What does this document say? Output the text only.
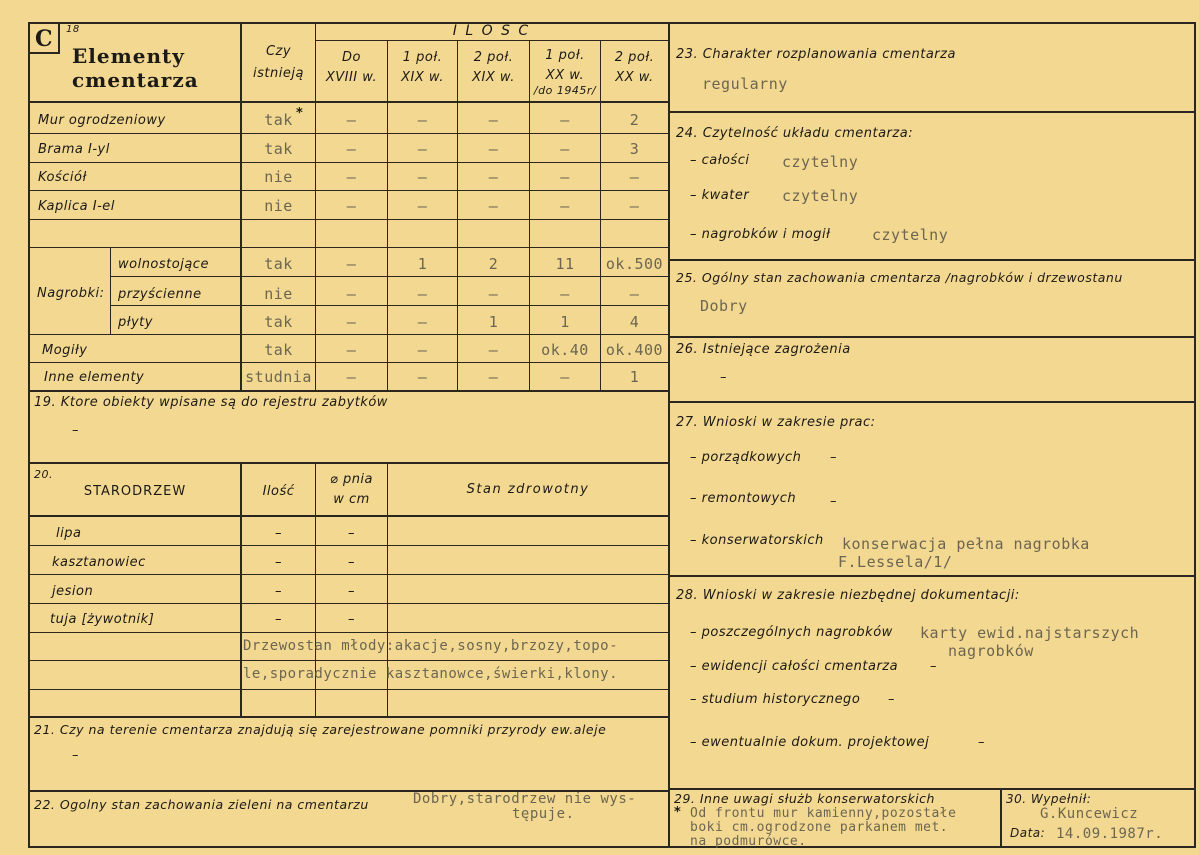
C 18
Elementy
cmentarza
Czy
istnieją
I L O S C
Do
XVIII w.
1 poł.
XIX w.
2 poł.
XIX w.
1 poł.
XX w.
/do 1945r/
2 poł.
XX w.
Mur ogrodzeniowy	tak	–	–	–	–	2
Brama I-yl	tak	–	–	–	–	3
Kościół	nie	–	–	–	–	–
Kaplica I-el	nie	–	–	–	–	–
*
Nagrobki:
wolnostojące	tak	–	1	2	11	ok.500
przyścienne	nie	–	–	–	–	–
płyty	tak	–	–	1	1	4
Mogiły	tak	–	–	–	ok.40	ok.400
Inne elementy	studnia	–	–	–	–	1
19. Ktore obiekty wpisane są do rejestru zabytków
–
20.
STARODRZEW	Ilość
⌀ pnia
w cm
Stan zdrowotny
lipa	–	–
kasztanowiec	–	–
jesion	–	–
tuja [żywotnik]	–	–
Drzewostan młody:akacje,sosny,brzozy,topo-
le,sporadycznie kasztanowce,świerki,klony.
21. Czy na terenie cmentarza znajdują się zarejestrowane pomniki przyrody ew.aleje
–
22. Ogolny stan zachowania zieleni na cmentarzu	Dobry,starodrzew nie wys-
tępuje.
23. Charakter rozplanowania cmentarza
regularny
24. Czytelność układu cmentarza:
– całości czytelny
– kwater czytelny
– nagrobków i mogił	czytelny
25. Ogólny stan zachowania cmentarza /nagrobków i drzewostanu
Dobry
26. Istniejące zagrożenia
–
27. Wnioski w zakresie prac:
– porządkowych –
– remontowych	–
– konserwatorskich konserwacja pełna nagrobka
F.Lessela/1/
28. Wnioski w zakresie niezbędnej dokumentacji:
– poszczególnych nagrobków karty ewid.najstarszych
nagrobków
– ewidencji całości cmentarza –
– studium historycznego –
– ewentualnie dokum. projektowej	–
29. Inne uwagi służb konserwatorskich
* Od frontu mur kamienny,pozostałe
boki cm.ogrodzone parkanem met.
na podmurówce.
30. Wypełnił:
G.Kuncewicz
Data: 14.09.1987r.
